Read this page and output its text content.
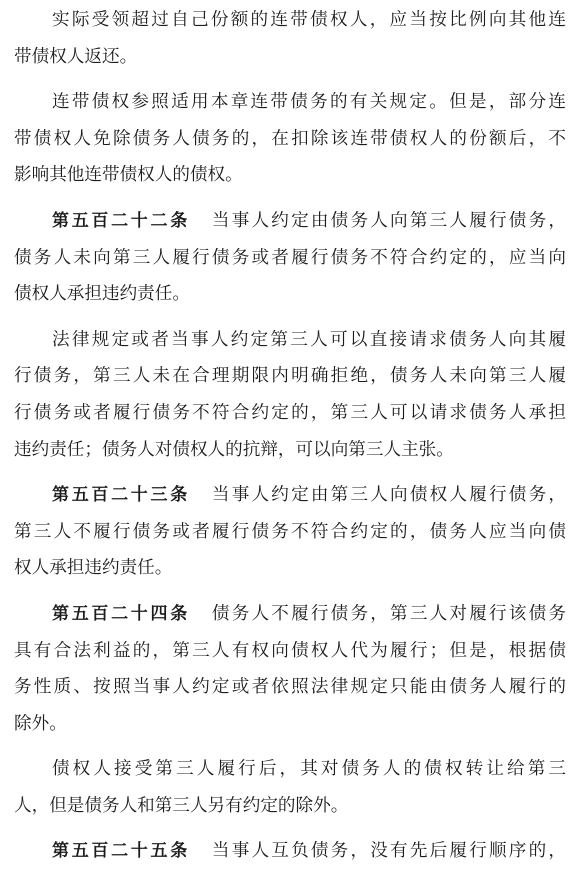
实际受领超过自己份额的连带债权人，应当按比例向其他连
带债权人返还。
连带债权参照适用本章连带债务的有关规定。但是，部分连
带债权人免除债务人债务的，在扣除该连带债权人的份额后，不
影响其他连带债权人的债权。
第五百二十二条 当事人约定由债务人向第三人履行债务，
债务人未向第三人履行债务或者履行债务不符合约定的，应当向
债权人承担违约责任。
法律规定或者当事人约定第三人可以直接请求债务人向其履
行债务，第三人未在合理期限内明确拒绝，债务人未向第三人履
行债务或者履行债务不符合约定的，第三人可以请求债务人承担
违约责任；债务人对债权人的抗辩，可以向第三人主张。
第五百二十三条 当事人约定由第三人向债权人履行债务，
第三人不履行债务或者履行债务不符合约定的，债务人应当向债
权人承担违约责任。
第五百二十四条 债务人不履行债务，第三人对履行该债务
具有合法利益的，第三人有权向债权人代为履行；但是，根据债
务性质、按照当事人约定或者依照法律规定只能由债务人履行的
除外。
债权人接受第三人履行后，其对债务人的债权转让给第三
人，但是债务人和第三人另有约定的除外。
第五百二十五条 当事人互负债务，没有先后履行顺序的，
